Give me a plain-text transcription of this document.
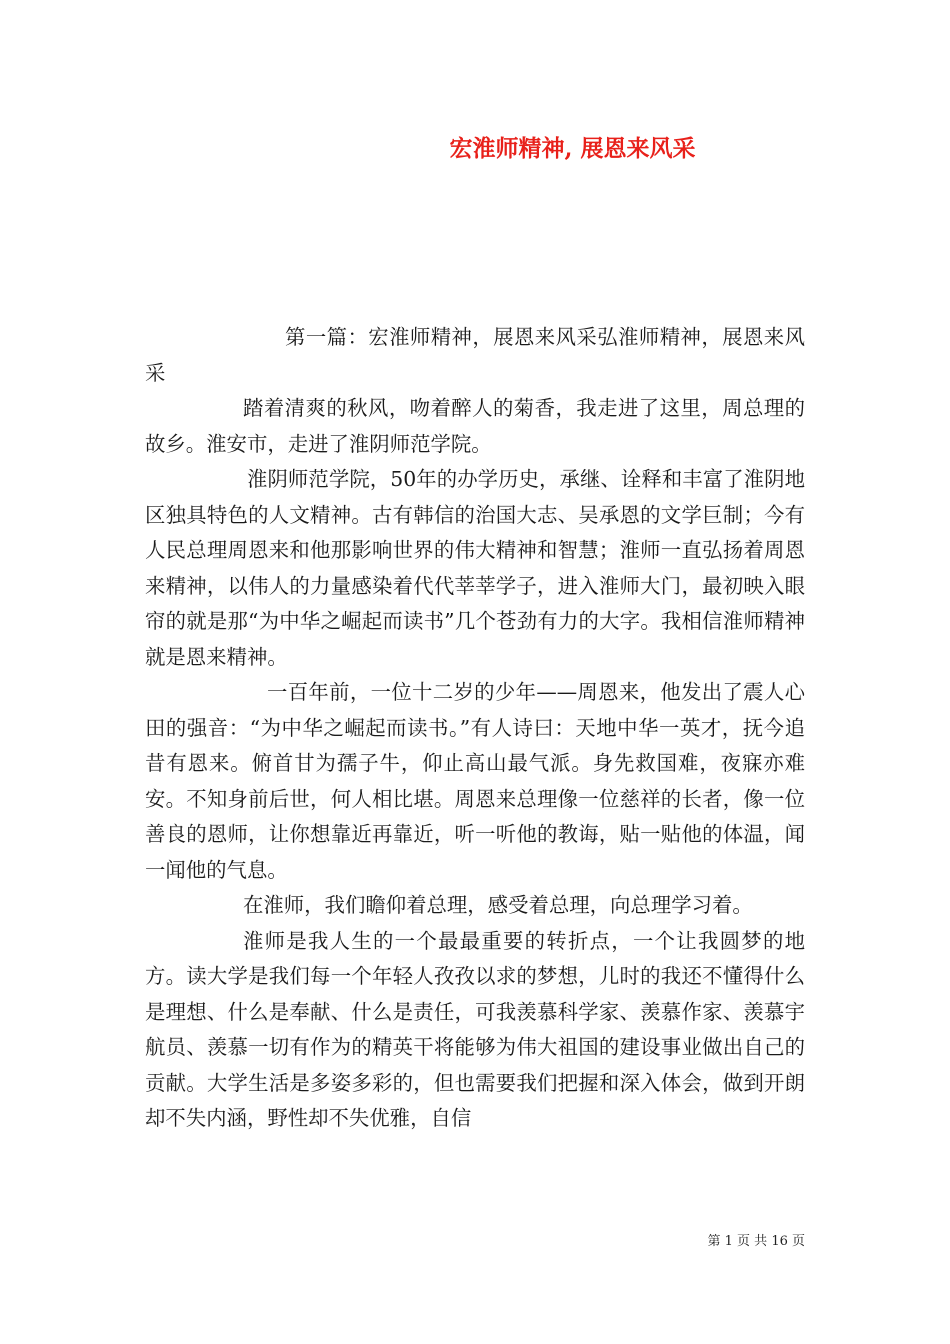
宏淮师精神, 展恩来风采

第一篇：宏淮师精神，展恩来风采弘淮师精神，展恩来风采

踏着清爽的秋风，吻着醉人的菊香，我走进了这里，周总理的故乡。淮安市，走进了淮阴师范学院。

淮阴师范学院，50年的办学历史，承继、诠释和丰富了淮阴地区独具特色的人文精神。古有韩信的治国大志、吴承恩的文学巨制；今有人民总理周恩来和他那影响世界的伟大精神和智慧；淮师一直弘扬着周恩来精神，以伟人的力量感染着代代莘莘学子，进入淮师大门，最初映入眼帘的就是那“为中华之崛起而读书”几个苍劲有力的大字。我相信淮师精神就是恩来精神。

一百年前，一位十二岁的少年——周恩来，他发出了震人心田的强音：“为中华之崛起而读书。”有人诗曰：天地中华一英才，抚今追昔有恩来。俯首甘为孺子牛，仰止高山最气派。身先救国难，夜寐亦难安。不知身前后世，何人相比堪。周恩来总理像一位慈祥的长者，像一位善良的恩师，让你想靠近再靠近，听一听他的教诲，贴一贴他的体温，闻一闻他的气息。

在淮师，我们瞻仰着总理，感受着总理，向总理学习着。

淮师是我人生的一个最最重要的转折点，一个让我圆梦的地方。读大学是我们每一个年轻人孜孜以求的梦想，儿时的我还不懂得什么是理想、什么是奉献、什么是责任，可我羡慕科学家、羡慕作家、羡慕宇航员、羡慕一切有作为的精英干将能够为伟大祖国的建设事业做出自己的贡献。大学生活是多姿多彩的，但也需要我们把握和深入体会，做到开朗却不失内涵，野性却不失优雅，自信

第 1 页 共 16 页
